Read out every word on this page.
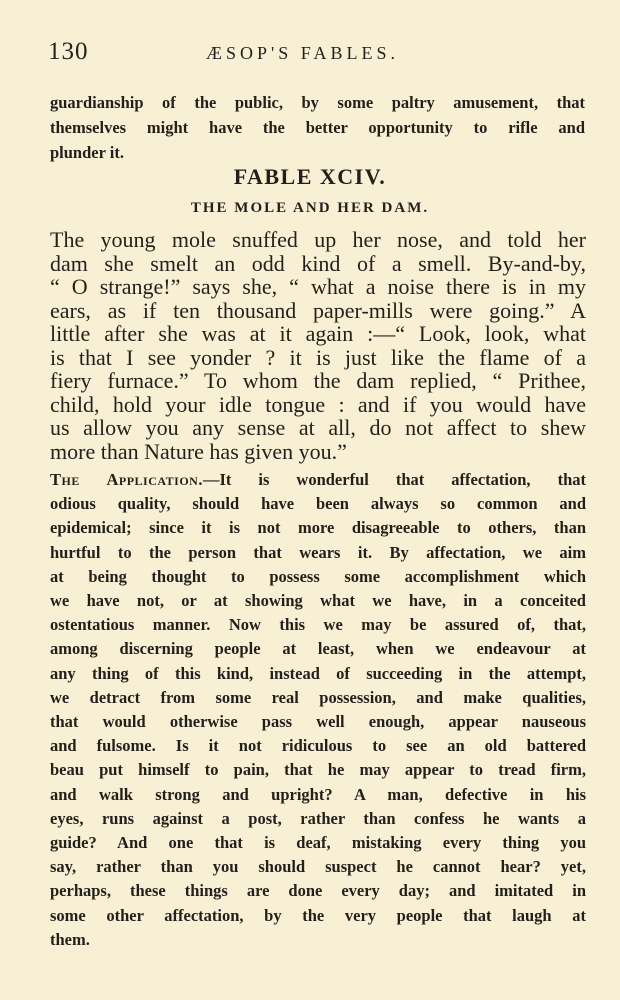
130	ÆSOP'S FABLES.

guardianship of the public, by some paltry amusement, that
themselves might have the better opportunity to rifle and
plunder it.

FABLE XCIV.
THE MOLE AND HER DAM.

The young mole snuffed up her nose, and told her
dam she smelt an odd kind of a smell. By-and-by,
“ O strange!” says she, “ what a noise there is in my
ears, as if ten thousand paper-mills were going.” A
little after she was at it again :—“ Look, look, what
is that I see yonder ? it is just like the flame of a
fiery furnace.” To whom the dam replied, “ Prithee,
child, hold your idle tongue : and if you would have
us allow you any sense at all, do not affect to shew
more than Nature has given you.”

The Application.—It is wonderful that affectation, that
odious quality, should have been always so common and
epidemical; since it is not more disagreeable to others, than
hurtful to the person that wears it. By affectation, we aim
at being thought to possess some accomplishment which
we have not, or at showing what we have, in a conceited
ostentatious manner. Now this we may be assured of, that,
among discerning people at least, when we endeavour at
any thing of this kind, instead of succeeding in the attempt,
we detract from some real possession, and make qualities,
that would otherwise pass well enough, appear nauseous
and fulsome. Is it not ridiculous to see an old battered
beau put himself to pain, that he may appear to tread firm,
and walk strong and upright? A man, defective in his
eyes, runs against a post, rather than confess he wants a
guide? And one that is deaf, mistaking every thing you
say, rather than you should suspect he cannot hear? yet,
perhaps, these things are done every day; and imitated in
some other affectation, by the very people that laugh at
them.
